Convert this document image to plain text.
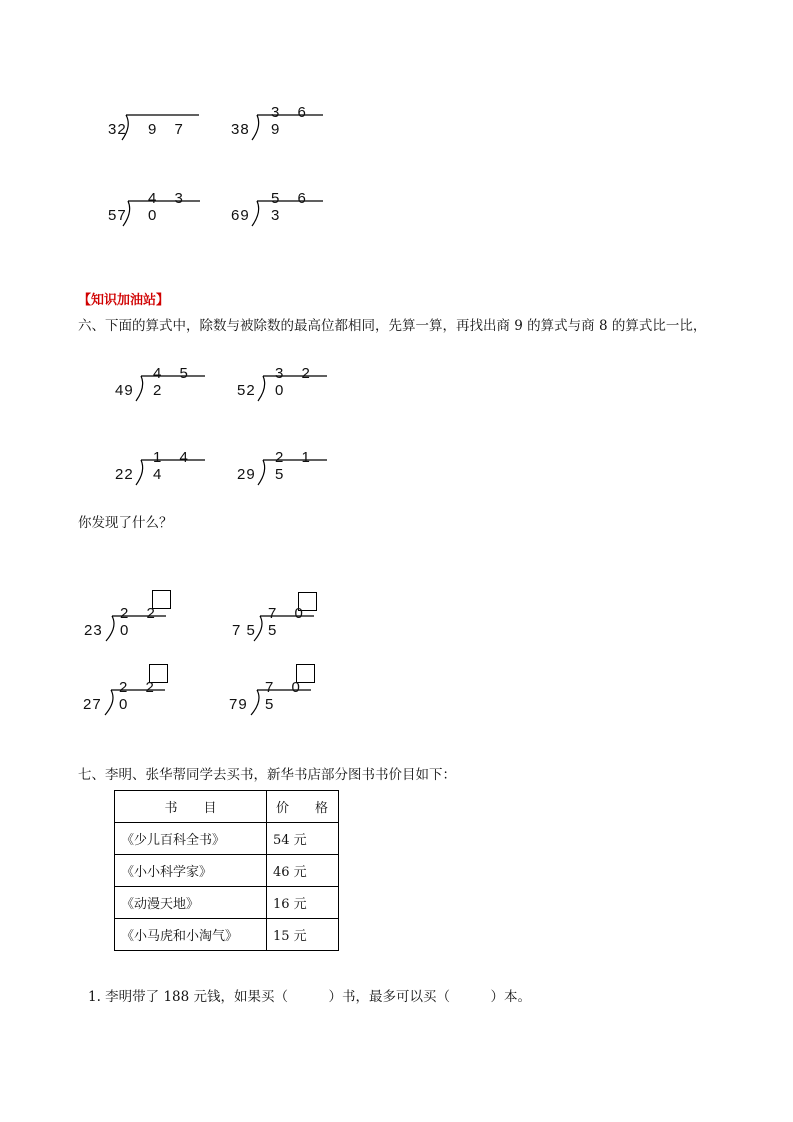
32 9 7	38
3 6 9
57
4 3 0	69
5 6 3
【知识加油站】
六、下面的算式中，除数与被除数的最高位都相同，先算一算，再找出商 9 的算式与商 8 的算式比一比，
49
4 5 2	52
3 2 0
22
1 4 4	29
2 1 5
你发现了什么？
23
2 2 0	7 5
7 0 5
27
2 2 0	79
7 0 5
七、李明、张华帮同学去买书，新华书店部分图书书价目如下：
书　　目	价　　格
《少儿百科全书》	54 元
《小小科学家》	46 元
《动漫天地》	16 元
《小马虎和小淘气》	15 元
1. 李明带了 188 元钱，如果买（　　　）书，最多可以买（　　　）本。
